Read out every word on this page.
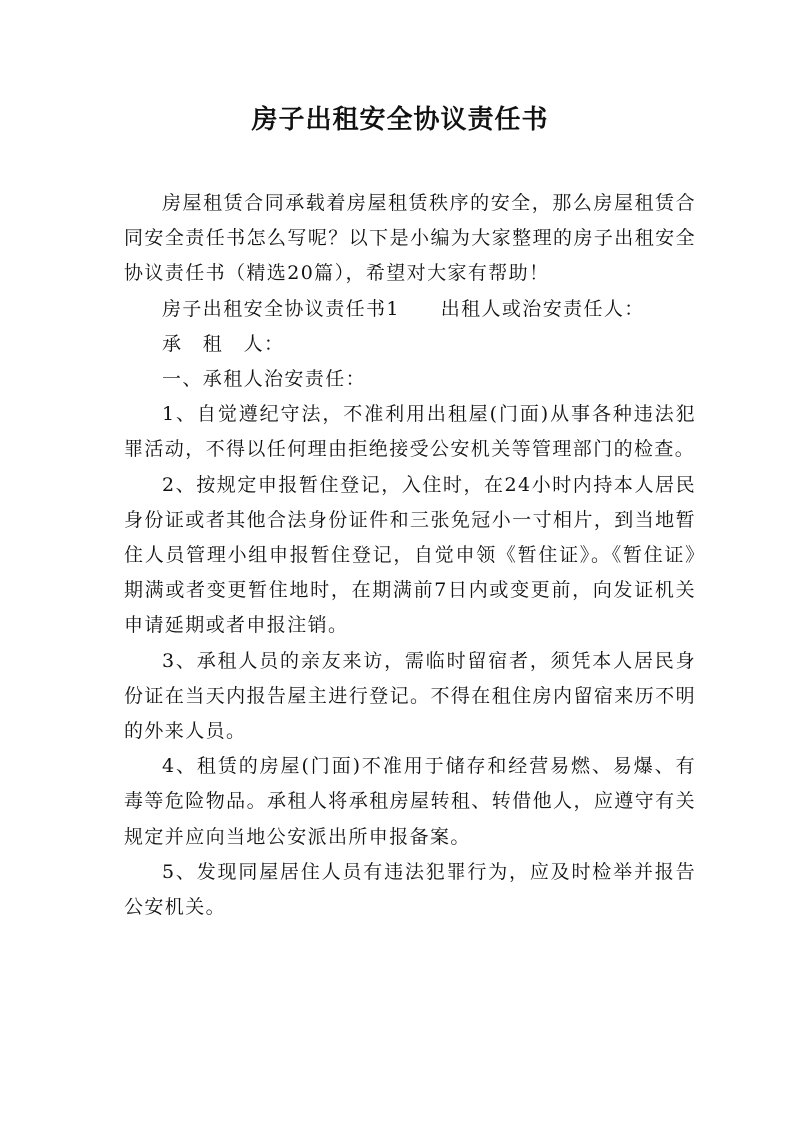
房子出租安全协议责任书

房屋租赁合同承载着房屋租赁秩序的安全，那么房屋租赁合同安全责任书怎么写呢？以下是小编为大家整理的房子出租安全协议责任书（精选20篇），希望对大家有帮助！

房子出租安全协议责任书1　　出租人或治安责任人：

承　租　人：

一、承租人治安责任：

1、自觉遵纪守法，不准利用出租屋(门面)从事各种违法犯罪活动，不得以任何理由拒绝接受公安机关等管理部门的检查。

2、按规定申报暂住登记，入住时，在24小时内持本人居民身份证或者其他合法身份证件和三张免冠小一寸相片，到当地暂住人员管理小组申报暂住登记，自觉申领《暂住证》。《暂住证》期满或者变更暂住地时，在期满前7日内或变更前，向发证机关申请延期或者申报注销。

3、承租人员的亲友来访，需临时留宿者，须凭本人居民身份证在当天内报告屋主进行登记。不得在租住房内留宿来历不明的外来人员。

4、租赁的房屋(门面)不准用于储存和经营易燃、易爆、有毒等危险物品。承租人将承租房屋转租、转借他人，应遵守有关规定并应向当地公安派出所申报备案。

5、发现同屋居住人员有违法犯罪行为，应及时检举并报告公安机关。
